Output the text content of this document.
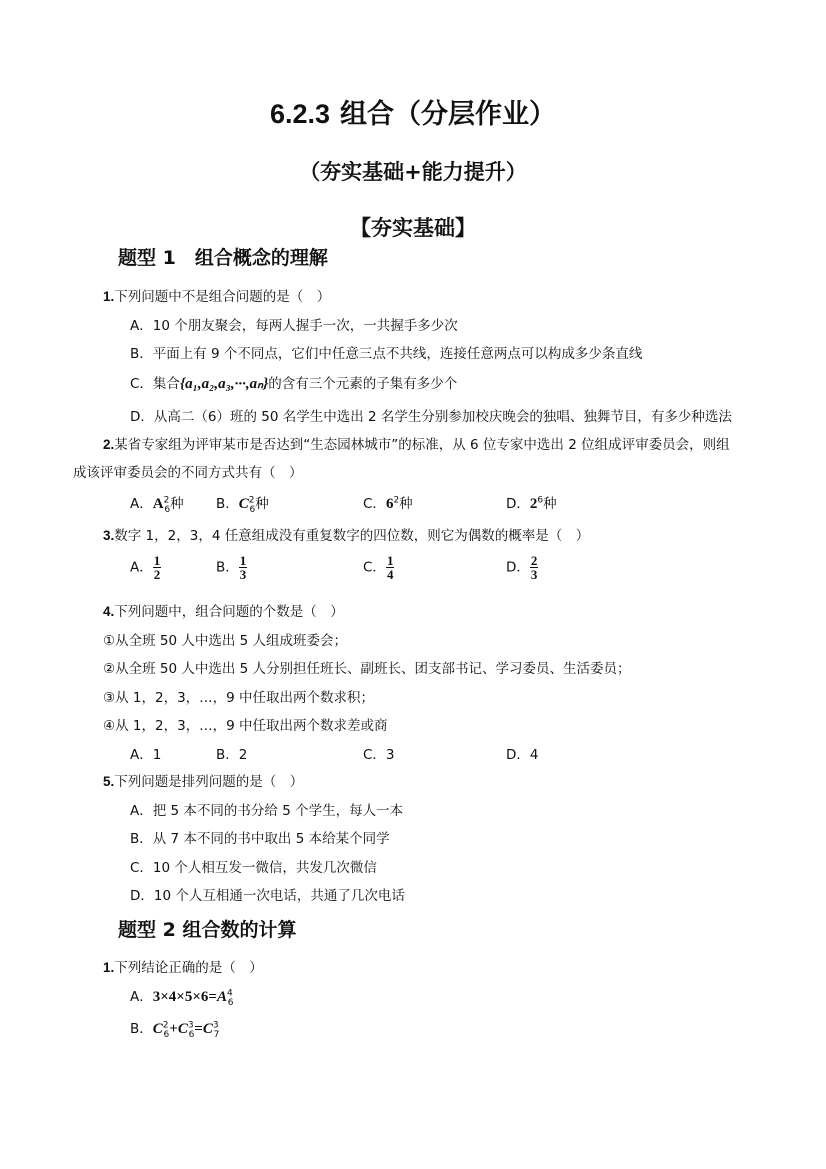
6.2.3 组合（分层作业）
（夯实基础+能力提升）
【夯实基础】
题型 1　组合概念的理解
1.下列问题中不是组合问题的是（　）
A．10 个朋友聚会，每两人握手一次，一共握手多少次
B．平面上有 9 个不同点，它们中任意三点不共线，连接任意两点可以构成多少条直线
C．集合{a₁,a₂,a₃,···,aₙ}的含有三个元素的子集有多少个
D．从高二（6）班的 50 名学生中选出 2 名学生分别参加校庆晚会的独唱、独舞节目，有多少种选法
2.某省专家组为评审某市是否达到“生态园林城市”的标准，从 6 位专家中选出 2 位组成评审委员会，则组
成该评审委员会的不同方式共有（　）
A．$A^2_6$种 B．$C^2_6$种	C．$6^2$种	D．$2^6$种
3.数字 1，2，3，4 任意组成没有重复数字的四位数，则它为偶数的概率是（　）
A． $\frac{1}{2}$	B． $\frac{1}{3}$	C． $\frac{1}{4}$	D． $\frac{2}{3}$
4.下列问题中，组合问题的个数是（　）
①从全班 50 人中选出 5 人组成班委会；
②从全班 50 人中选出 5 人分别担任班长、副班长、团支部书记、学习委员、生活委员；
③从 1，2，3，…，9 中任取出两个数求积；
④从 1，2，3，…，9 中任取出两个数求差或商
A．1	B．2	C．3	D．4
5.下列问题是排列问题的是（　）
A．把 5 本不同的书分给 5 个学生，每人一本
B．从 7 本不同的书中取出 5 本给某个同学
C．10 个人相互发一微信，共发几次微信
D．10 个人互相通一次电话，共通了几次电话
题型 2 组合数的计算
1.下列结论正确的是（　）
A．$3\times 4\times 5\times 6=A^4_6$
B．$C^2_6+C^3_6=C^3_7$
